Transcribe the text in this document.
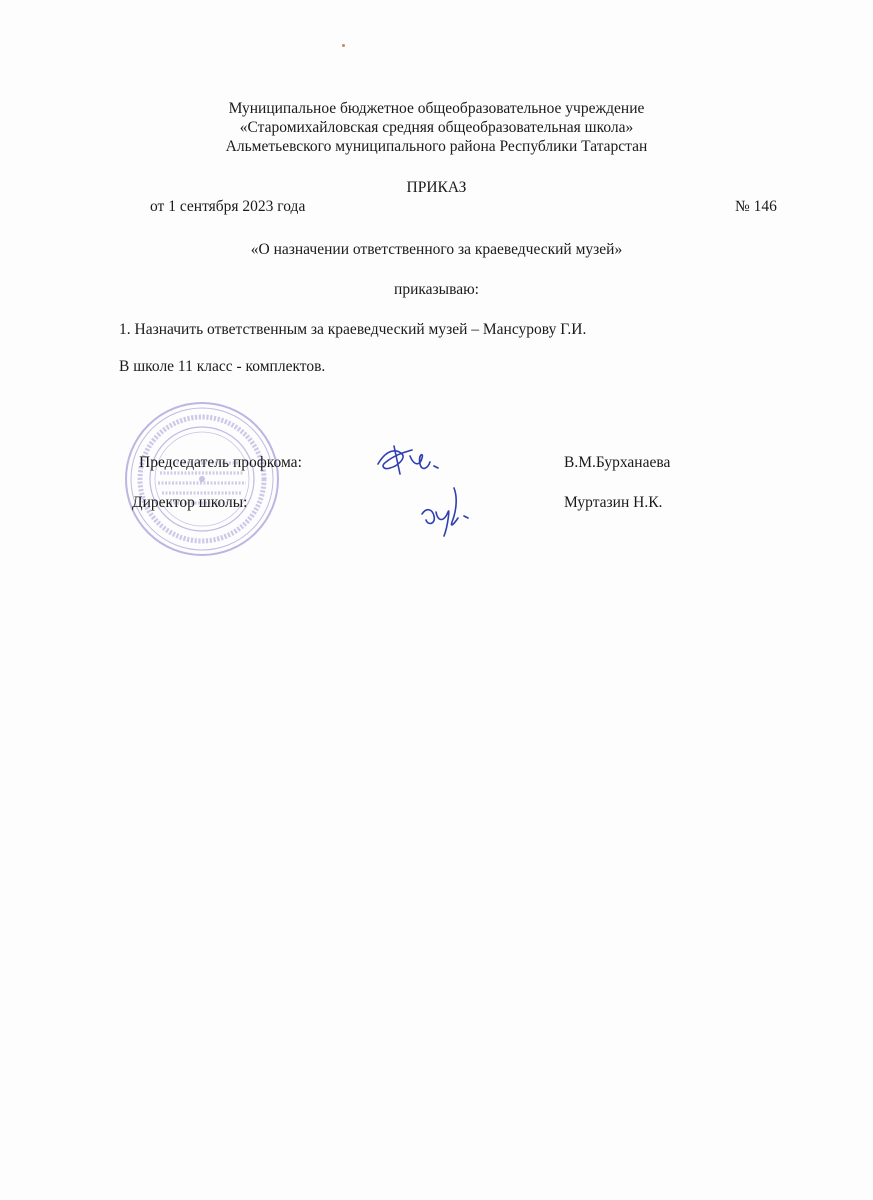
Муниципальное бюджетное общеобразовательное учреждение
«Старомихайловская средняя общеобразовательная школа»
Альметьевского муниципального района Республики Татарстан
ПРИКАЗ
от 1 сентября 2023 года	№ 146
«О назначении ответственного за краеведческий музей»
приказываю:
1. Назначить ответственным за краеведческий музей – Мансурову Г.И.
В школе 11 класс - комплектов.
Председатель профкома:	В.М.Бурханаева
Директор школы:	Муртазин Н.К.
